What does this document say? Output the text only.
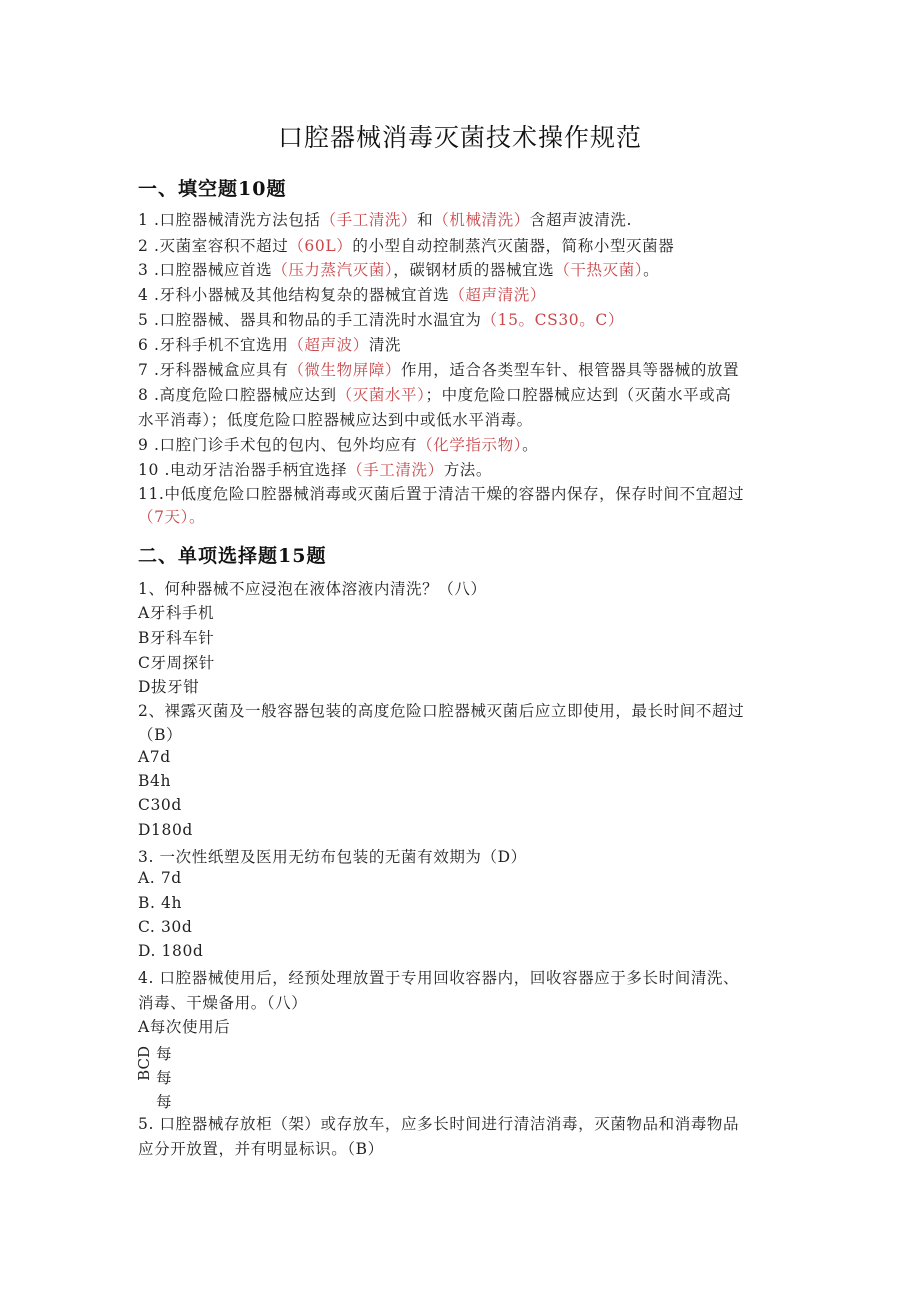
口腔器械消毒灭菌技术操作规范
一、填空题10题
1 .口腔器械清洗方法包括（手工清洗）和（机械清洗）含超声波清洗.
2 .灭菌室容积不超过（60L）的小型自动控制蒸汽灭菌器，简称小型灭菌器
3 .口腔器械应首选（压力蒸汽灭菌），碳钢材质的器械宜选（干热灭菌）。
4 .牙科小器械及其他结构复杂的器械宜首选（超声清洗）
5 .口腔器械、器具和物品的手工清洗时水温宜为（15。CS30。C）
6 .牙科手机不宜选用（超声波）清洗
7 .牙科器械盒应具有（微生物屏障）作用，适合各类型车针、根管器具等器械的放置
8 .高度危险口腔器械应达到（灭菌水平）；中度危险口腔器械应达到（灭菌水平或高
水平消毒）；低度危险口腔器械应达到中或低水平消毒。
9 .口腔门诊手术包的包内、包外均应有（化学指示物）。
10 .电动牙洁治器手柄宜选择（手工清洗）方法。
11.中低度危险口腔器械消毒或灭菌后置于清洁干燥的容器内保存，保存时间不宜超过
（7天）。
二、单项选择题15题
1、何种器械不应浸泡在液体溶液内清洗？（八）
A牙科手机
B牙科车针
C牙周探针
D拔牙钳
2、裸露灭菌及一般容器包装的高度危险口腔器械灭菌后应立即使用，最长时间不超过
（B）
A7d
B4h
C30d
D180d
3. 一次性纸塑及医用无纺布包装的无菌有效期为（D）
A. 7d
B. 4h
C. 30d
D. 180d
4. 口腔器械使用后，经预处理放置于专用回收容器内，回收容器应于多长时间清洗、
消毒、干燥备用。（八）
A每次使用后
BCD 每
每
每
5. 口腔器械存放柜（架）或存放车，应多长时间进行清洁消毒，灭菌物品和消毒物品
应分开放置，并有明显标识。（B）
